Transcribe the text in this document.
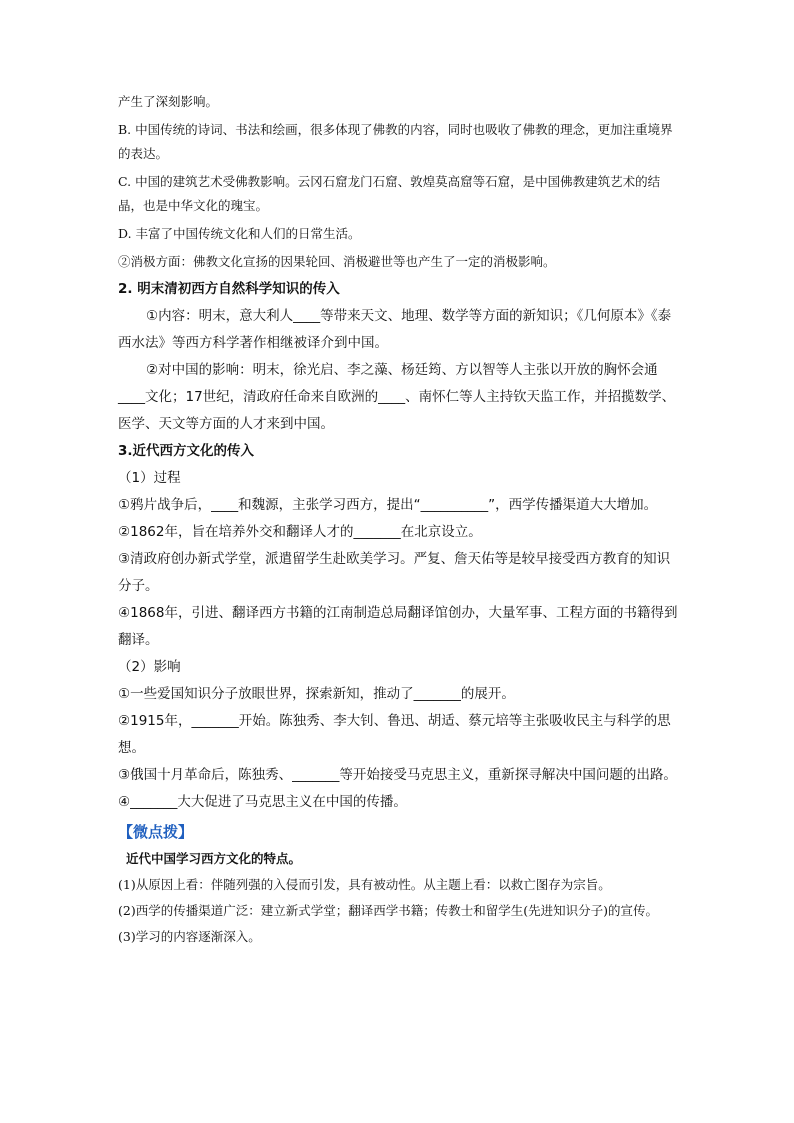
产生了深刻影响。

B. 中国传统的诗词、书法和绘画，很多体现了佛教的内容，同时也吸收了佛教的理念，更加注重境界的表达。

C. 中国的建筑艺术受佛教影响。云冈石窟龙门石窟、敦煌莫高窟等石窟，是中国佛教建筑艺术的结晶，也是中华文化的瑰宝。

D. 丰富了中国传统文化和人们的日常生活。

②消极方面：佛教文化宣扬的因果轮回、消极避世等也产生了一定的消极影响。

2. 明末清初西方自然科学知识的传入

①内容：明末，意大利人____等带来天文、地理、数学等方面的新知识；《几何原本》《泰西水法》等西方科学著作相继被译介到中国。

②对中国的影响：明末，徐光启、李之藻、杨廷筠、方以智等人主张以开放的胸怀会通____文化；17世纪，清政府任命来自欧洲的____、南怀仁等人主持钦天监工作，并招揽数学、医学、天文等方面的人才来到中国。

3.近代西方文化的传入

（1）过程

①鸦片战争后，____和魏源，主张学习西方，提出“__________”，西学传播渠道大大增加。

②1862年，旨在培养外交和翻译人才的_______在北京设立。

③清政府创办新式学堂，派遣留学生赴欧美学习。严复、詹天佑等是较早接受西方教育的知识分子。

④1868年，引进、翻译西方书籍的江南制造总局翻译馆创办，大量军事、工程方面的书籍得到翻译。

（2）影响

①一些爱国知识分子放眼世界，探索新知，推动了_______的展开。

②1915年，_______开始。陈独秀、李大钊、鲁迅、胡适、蔡元培等主张吸收民主与科学的思想。

③俄国十月革命后，陈独秀、_______等开始接受马克思主义，重新探寻解决中国问题的出路。

④_______大大促进了马克思主义在中国的传播。

【微点拨】

近代中国学习西方文化的特点。

(1)从原因上看：伴随列强的入侵而引发，具有被动性。从主题上看：以救亡图存为宗旨。

(2)西学的传播渠道广泛：建立新式学堂；翻译西学书籍；传教士和留学生(先进知识分子)的宣传。

(3)学习的内容逐渐深入。
